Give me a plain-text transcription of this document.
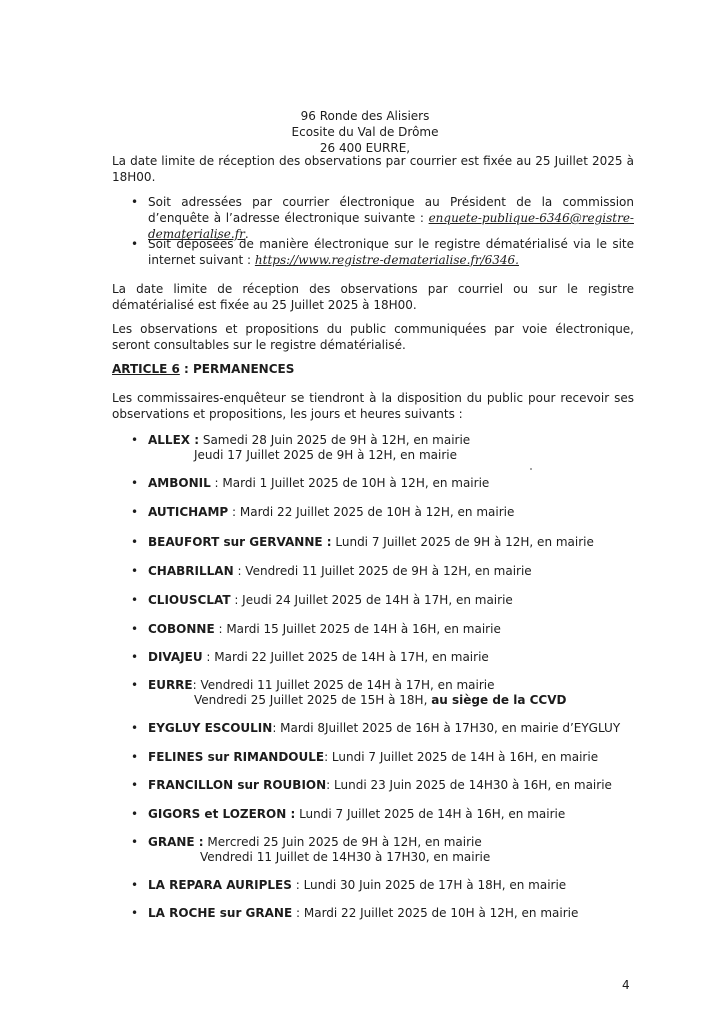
96 Ronde des Alisiers
Ecosite du Val de Drôme
26 400 EURRE,
La date limite de réception des observations par courrier est fixée au 25 Juillet 2025 à 18H00.
• Soit adressées par courrier électronique au Président de la commission d’enquête à l’adresse électronique suivante : enquete-publique-6346@registre-dematerialise.fr.
• Soit déposées de manière électronique sur le registre dématérialisé via le site internet suivant : https://www.registre-dematerialise.fr/6346.
La date limite de réception des observations par courriel ou sur le registre dématérialisé est fixée au 25 Juillet 2025 à 18H00.
Les observations et propositions du public communiquées par voie électronique, seront consultables sur le registre dématérialisé.
ARTICLE 6 : PERMANENCES
Les commissaires-enquêteur se tiendront à la disposition du public pour recevoir ses observations et propositions, les jours et heures suivants :
• ALLEX : Samedi 28 Juin 2025 de 9H à 12H, en mairie
Jeudi 17 Juillet 2025 de 9H à 12H, en mairie
• AMBONIL : Mardi 1 Juillet 2025 de 10H à 12H, en mairie
• AUTICHAMP : Mardi 22 Juillet 2025 de 10H à 12H, en mairie
• BEAUFORT sur GERVANNE : Lundi 7 Juillet 2025 de 9H à 12H, en mairie
• CHABRILLAN : Vendredi 11 Juillet 2025 de 9H à 12H, en mairie
• CLIOUSCLAT : Jeudi 24 Juillet 2025 de 14H à 17H, en mairie
• COBONNE : Mardi 15 Juillet 2025 de 14H à 16H, en mairie
• DIVAJEU : Mardi 22 Juillet 2025 de 14H à 17H, en mairie
• EURRE: Vendredi 11 Juillet 2025 de 14H à 17H, en mairie
Vendredi 25 Juillet 2025 de 15H à 18H, au siège de la CCVD
• EYGLUY ESCOULIN: Mardi 8Juillet 2025 de 16H à 17H30, en mairie d’EYGLUY
• FELINES sur RIMANDOULE: Lundi 7 Juillet 2025 de 14H à 16H, en mairie
• FRANCILLON sur ROUBION: Lundi 23 Juin 2025 de 14H30 à 16H, en mairie
• GIGORS et LOZERON : Lundi 7 Juillet 2025 de 14H à 16H, en mairie
• GRANE : Mercredi 25 Juin 2025 de 9H à 12H, en mairie
Vendredi 11 Juillet de 14H30 à 17H30, en mairie
• LA REPARA AURIPLES : Lundi 30 Juin 2025 de 17H à 18H, en mairie
• LA ROCHE sur GRANE : Mardi 22 Juillet 2025 de 10H à 12H, en mairie
4
